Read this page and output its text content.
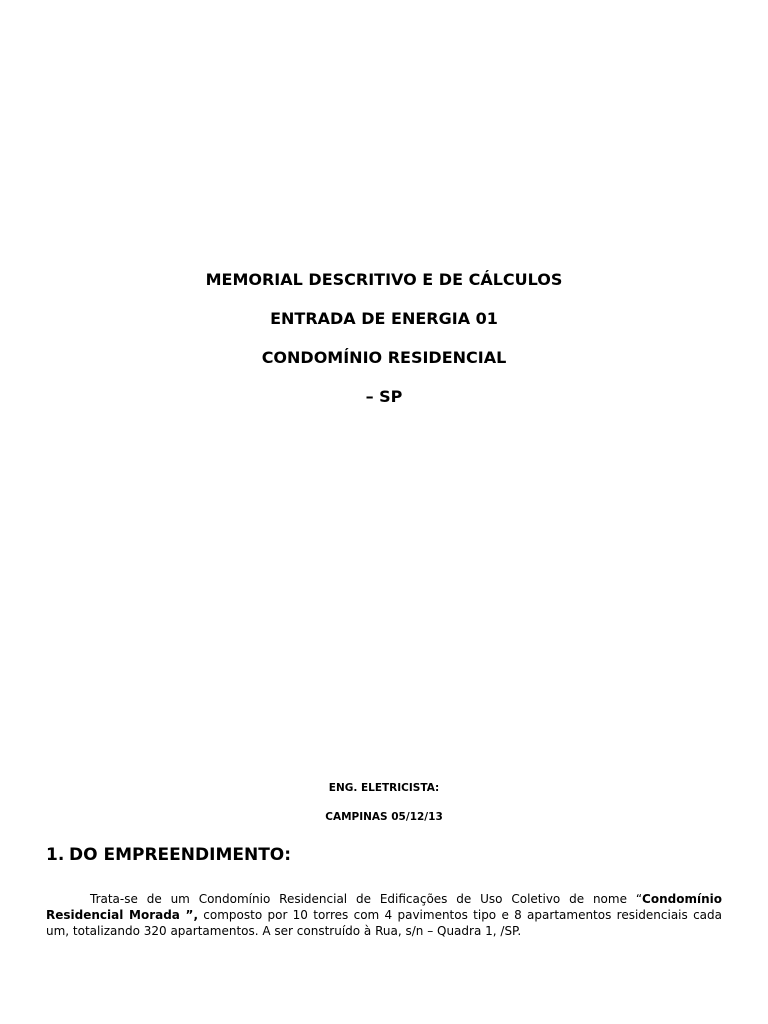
MEMORIAL DESCRITIVO E DE CÁLCULOS
ENTRADA DE ENERGIA 01
CONDOMÍNIO RESIDENCIAL
– SP
ENG. ELETRICISTA:
CAMPINAS 05/12/13
1. DO EMPREENDIMENTO:

Trata-se de um Condomínio Residencial de Edificações de Uso Coletivo de nome “Condomínio Residencial Morada ”, composto por 10 torres com 4 pavimentos tipo e 8 apartamentos residenciais cada um, totalizando 320 apartamentos. A ser construído à Rua, s/n – Quadra 1, /SP.
